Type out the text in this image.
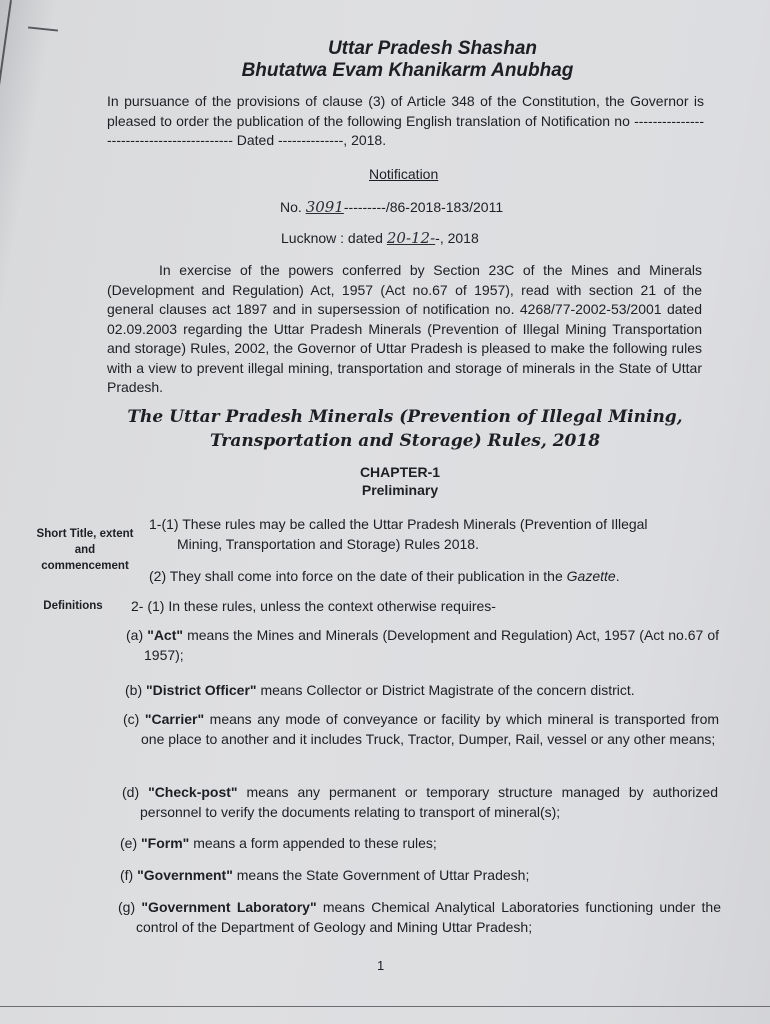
Uttar Pradesh Shashan
Bhutatwa Evam Khanikarm Anubhag
In pursuance of the provisions of clause (3) of Article 348 of the Constitution, the Governor is pleased to order the publication of the following English translation of Notification no ------------------------------------------ Dated --------------, 2018.
Notification
No. 3091---------/86-2018-183/2011
Lucknow : dated 20-12--, 2018
In exercise of the powers conferred by Section 23C of the Mines and Minerals (Development and Regulation) Act, 1957 (Act no.67 of 1957), read with section 21 of the general clauses act 1897 and in supersession of notification no. 4268/77-2002-53/2001 dated 02.09.2003 regarding the Uttar Pradesh Minerals (Prevention of Illegal Mining Transportation and storage) Rules, 2002, the Governor of Uttar Pradesh is pleased to make the following rules with a view to prevent illegal mining, transportation and storage of minerals in the State of Uttar Pradesh.
The Uttar Pradesh Minerals (Prevention of Illegal Mining,
Transportation and Storage) Rules, 2018
CHAPTER-1
Preliminary
Short Title, extent and commencement
Definitions
1-(1) These rules may be called the Uttar Pradesh Minerals (Prevention of Illegal
Mining, Transportation and Storage) Rules 2018.
(2) They shall come into force on the date of their publication in the Gazette.
2- (1) In these rules, unless the context otherwise requires-
(a) "Act" means the Mines and Minerals (Development and Regulation) Act, 1957 (Act no.67 of 1957);
(b) "District Officer" means Collector or District Magistrate of the concern district.
(c) "Carrier" means any mode of conveyance or facility by which mineral is transported from one place to another and it includes Truck, Tractor, Dumper, Rail, vessel or any other means;
(d) "Check-post" means any permanent or temporary structure managed by authorized personnel to verify the documents relating to transport of mineral(s);
(e) "Form" means a form appended to these rules;
(f) "Government" means the State Government of Uttar Pradesh;
(g) "Government Laboratory" means Chemical Analytical Laboratories functioning under the control of the Department of Geology and Mining Uttar Pradesh;
1
